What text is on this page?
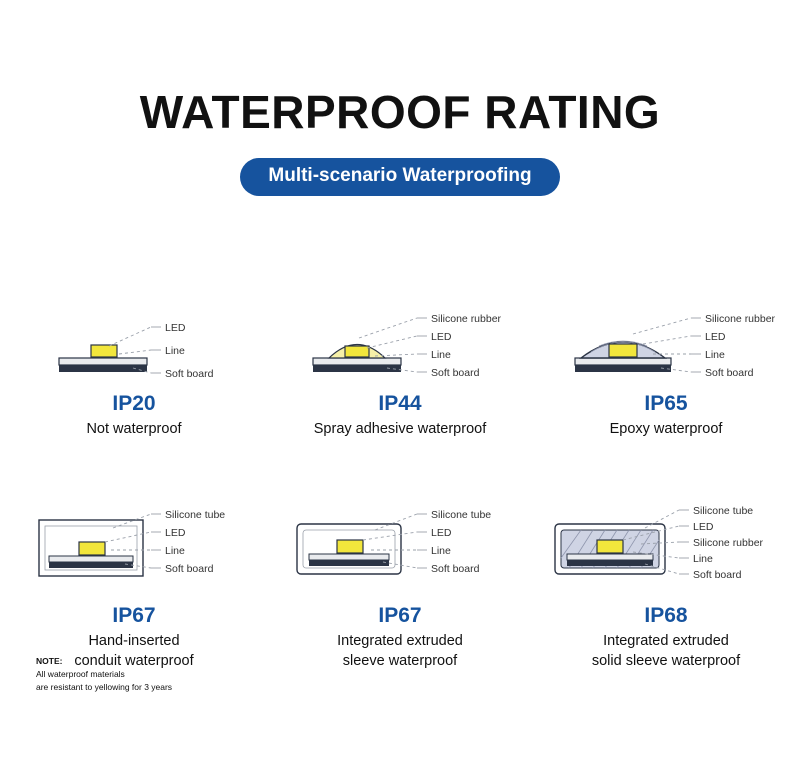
WATERPROOF RATING
Multi-scenario Waterproofing
LED
Line
Soft board
IP20
Not waterproof
Silicone rubber
LED
Line
Soft board
IP44
Spray adhesive waterproof
Silicone rubber
LED
Line
Soft board
IP65
Epoxy waterproof
Silicone tube
LED
Line
Soft board
IP67
Hand-inserted
conduit waterproof
Silicone tube
LED
Line
Soft board
IP67
Integrated extruded
sleeve waterproof
Silicone tube
LED
Silicone rubber
Line
Soft board
IP68
Integrated extruded
solid sleeve waterproof
NOTE:
All waterproof materials
are resistant to yellowing for 3 years
